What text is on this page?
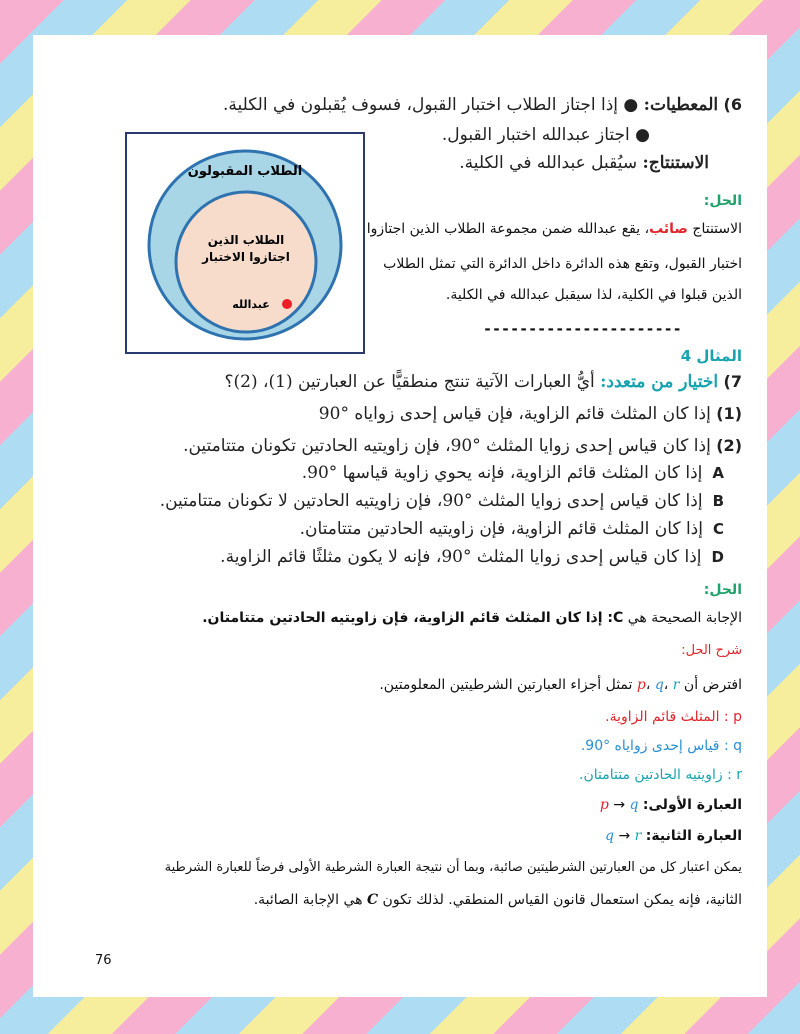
6) المعطيات: ● إذا اجتاز الطلاب اختبار القبول، فسوف يُقبلون في الكلية.
● اجتاز عبدالله اختبار القبول.
الاستنتاج: سيُقبل عبدالله في الكلية.
الطلاب المقبولون
الطلاب الذين
اجتازوا الاختبار
عبدالله
الحل:
الاستنتاج صائب، يقع عبدالله ضمن مجموعة الطلاب الذين اجتازوا
اختبار القبول، وتقع هذه الدائرة داخل الدائرة التي تمثل الطلاب
الذين قبلوا في الكلية، لذا سيقبل عبدالله في الكلية.
----------------------
المثال 4
7) اختيار من متعدد: أيُّ العبارات الآتية تنتج منطقيًّا عن العبارتين (1)، (2)؟
(1) إذا كان المثلث قائم الزاوية، فإن قياس إحدى زواياه °90
(2) إذا كان قياس إحدى زوايا المثلث °90، فإن زاويتيه الحادتين تكونان متتامتين.
Aإذا كان المثلث قائم الزاوية، فإنه يحوي زاوية قياسها °90.
Bإذا كان قياس إحدى زوايا المثلث °90، فإن زاويتيه الحادتين لا تكونان متتامتين.
Cإذا كان المثلث قائم الزاوية، فإن زاويتيه الحادتين متتامتان.
Dإذا كان قياس إحدى زوايا المثلث °90، فإنه لا يكون مثلثًا قائم الزاوية.
الحل:
الإجابة الصحيحة هي C: إذا كان المثلث قائم الزاوية، فإن زاويتيه الحادتين متتامتان.
شرح الحل:
افترض أن p، q، r تمثل أجزاء العبارتين الشرطيتين المعلومتين.
p : المثلث قائم الزاوية.
q : قياس إحدى زواياه °90.
r : زاويتيه الحادتين متتامتان.
العبارة الأولى: p → q
العبارة الثانية: q → r
يمكن اعتبار كل من العبارتين الشرطيتين صائبة، وبما أن نتيجة العبارة الشرطية الأولى فرضاً للعبارة الشرطية
الثانية، فإنه يمكن استعمال قانون القياس المنطقي. لذلك تكون C هي الإجابة الصائبة.
76
